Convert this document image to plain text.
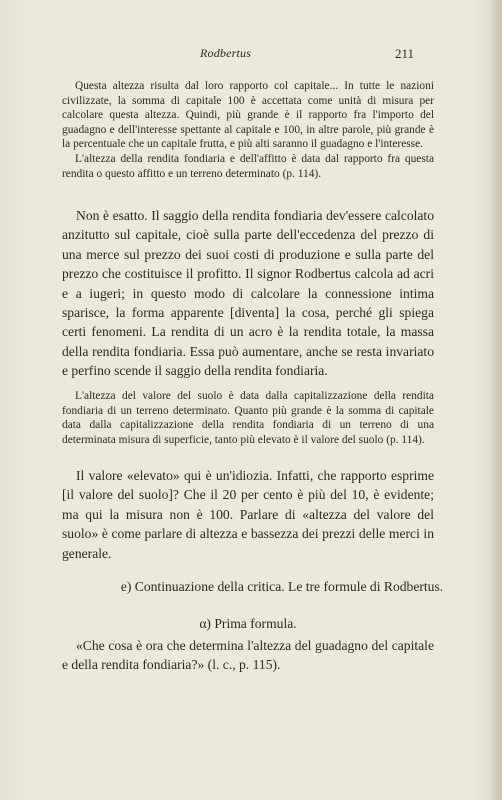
Rodbertus	211

Questa altezza risulta dal loro rapporto col capitale... In tutte le nazioni civilizzate, la somma di capitale 100 è accettata come unità di misura per calcolare questa altezza. Quindi, più grande è il rapporto fra l'importo del guadagno e dell'interesse spettante al capitale e 100, in altre parole, più grande è la percentuale che un capitale frutta, e più alti saranno il guadagno e l'interesse.

L'altezza della rendita fondiaria e dell'affitto è data dal rapporto fra questa rendita o questo affitto e un terreno determinato (p. 114).

Non è esatto. Il saggio della rendita fondiaria dev'essere calcolato anzitutto sul capitale, cioè sulla parte dell'eccedenza del prezzo di una merce sul prezzo dei suoi costi di produzione e sulla parte del prezzo che costituisce il profitto. Il signor Rodbertus calcola ad acri e a iugeri; in questo modo di calcolare la connessione intima sparisce, la forma apparente [diventa] la cosa, perché gli spiega certi fenomeni. La rendita di un acro è la rendita totale, la massa della rendita fondiaria. Essa può aumentare, anche se resta invariato e perfino scende il saggio della rendita fondiaria.

L'altezza del valore del suolo è data dalla capitalizzazione della rendita fondiaria di un terreno determinato. Quanto più grande è la somma di capitale data dalla capitalizzazione della rendita fondiaria di un terreno di una determinata misura di superficie, tanto più elevato è il valore del suolo (p. 114).

Il valore «elevato» qui è un'idiozia. Infatti, che rapporto esprime [il valore del suolo]? Che il 20 per cento è più del 10, è evidente; ma qui la misura non è 100. Parlare di «altezza del valore del suolo» è come parlare di altezza e bassezza dei prezzi delle merci in generale.

e) Continuazione della critica. Le tre formule di Rodbertus.

α) Prima formula.

«Che cosa è ora che determina l'altezza del guadagno del capitale e della rendita fondiaria?» (l. c., p. 115).
